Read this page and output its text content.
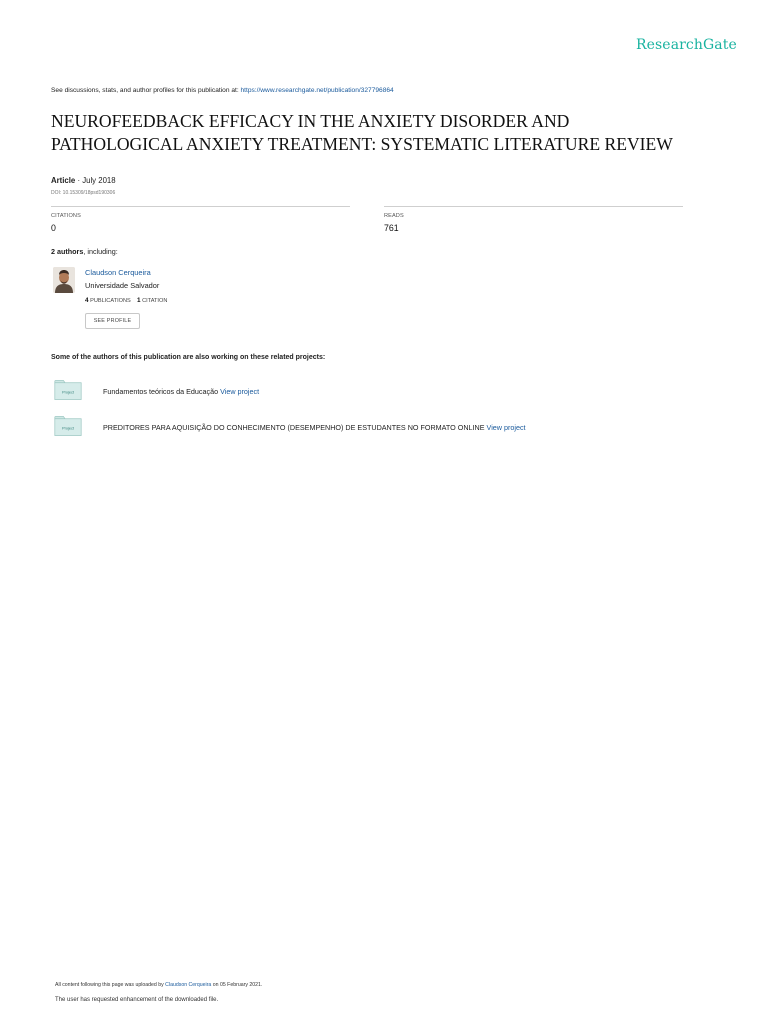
ResearchGate
See discussions, stats, and author profiles for this publication at: https://www.researchgate.net/publication/327796864
NEUROFEEDBACK EFFICACY IN THE ANXIETY DISORDER AND
PATHOLOGICAL ANXIETY TREATMENT: SYSTEMATIC LITERATURE REVIEW
Article · July 2018
DOI: 10.15309/18psd190306
CITATIONS
0
READS
761
2 authors, including:
Claudson Cerqueira
Universidade Salvador
4 PUBLICATIONS 1 CITATION
SEE PROFILE
Some of the authors of this publication are also working on these related projects:
Project	Fundamentos teóricos da Educação View project
Project	PREDITORES PARA AQUISIÇÃO DO CONHECIMENTO (DESEMPENHO) DE ESTUDANTES NO FORMATO ONLINE View project
All content following this page was uploaded by Claudson Cerqueira on 05 February 2021.
The user has requested enhancement of the downloaded file.
